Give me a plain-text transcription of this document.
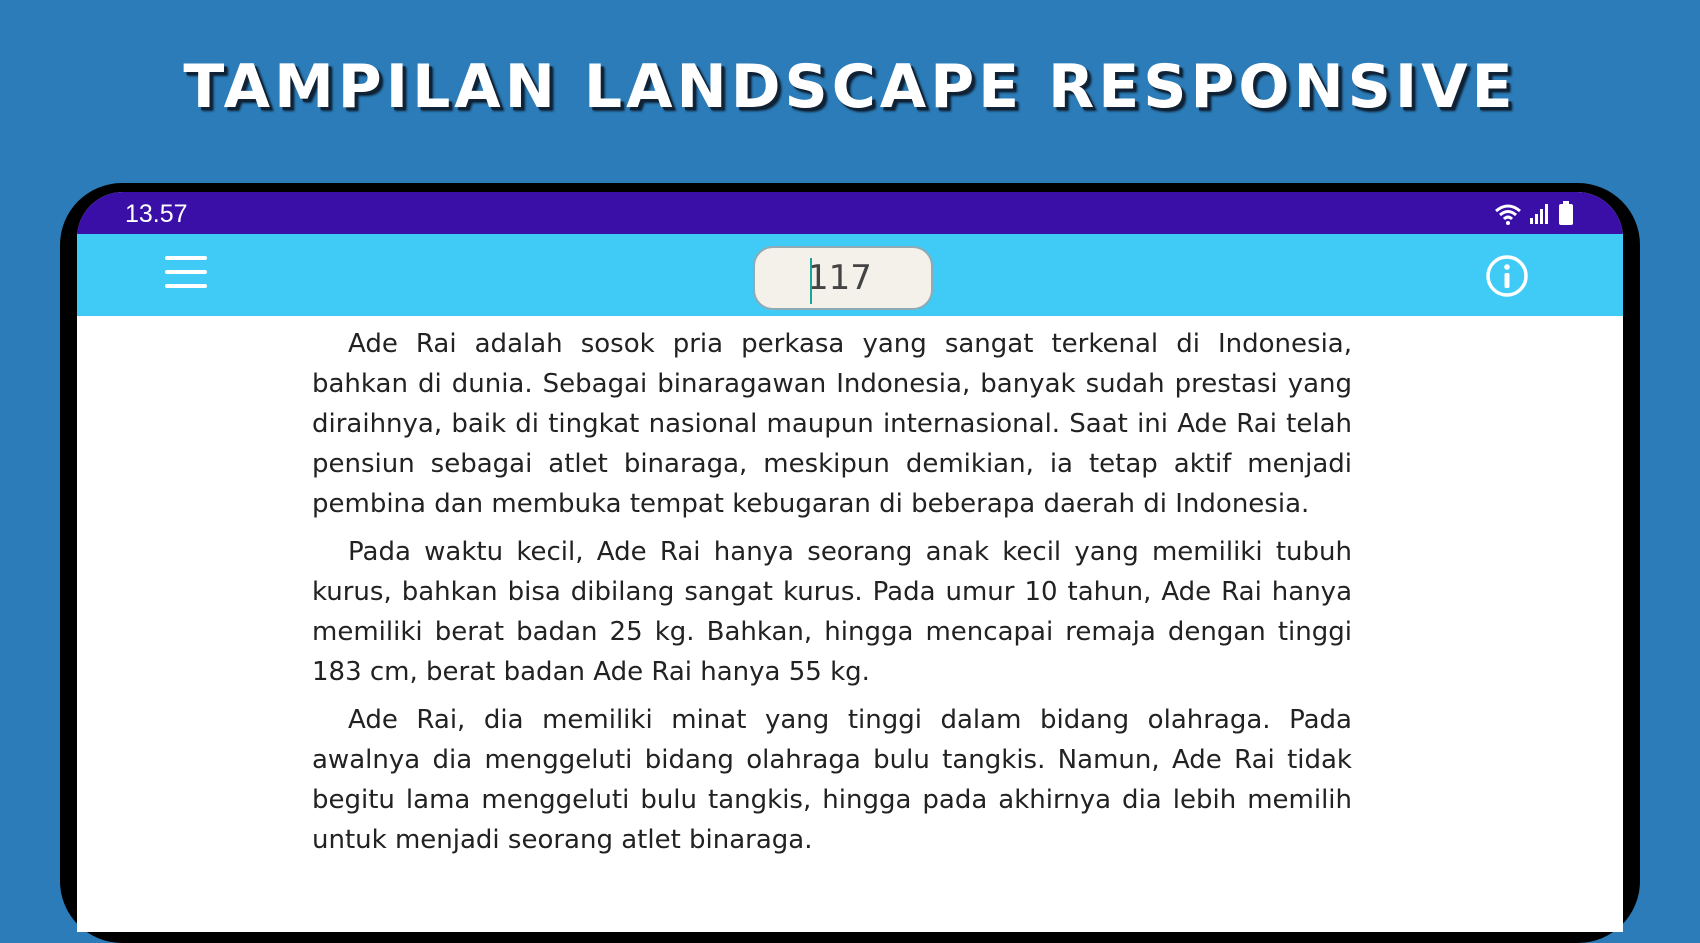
TAMPILAN LANDSCAPE RESPONSIVE
13.57
117

Ade Rai adalah sosok pria perkasa yang sangat terkenal di Indonesia, bahkan di dunia. Sebagai binaragawan Indonesia, banyak sudah prestasi yang diraihnya, baik di tingkat nasional maupun internasional. Saat ini Ade Rai telah pensiun sebagai atlet binaraga, meskipun demikian, ia tetap aktif menjadi pembina dan membuka tempat kebugaran di beberapa daerah di Indonesia.

Pada waktu kecil, Ade Rai hanya seorang anak kecil yang memiliki tubuh kurus, bahkan bisa dibilang sangat kurus. Pada umur 10 tahun, Ade Rai hanya memiliki berat badan 25 kg. Bahkan, hingga mencapai remaja dengan tinggi 183 cm, berat badan Ade Rai hanya 55 kg.

Ade Rai, dia memiliki minat yang tinggi dalam bidang olahraga. Pada awalnya dia menggeluti bidang olahraga bulu tangkis. Namun, Ade Rai tidak begitu lama menggeluti bulu tangkis, hingga pada akhirnya dia lebih memilih untuk menjadi seorang atlet binaraga.
